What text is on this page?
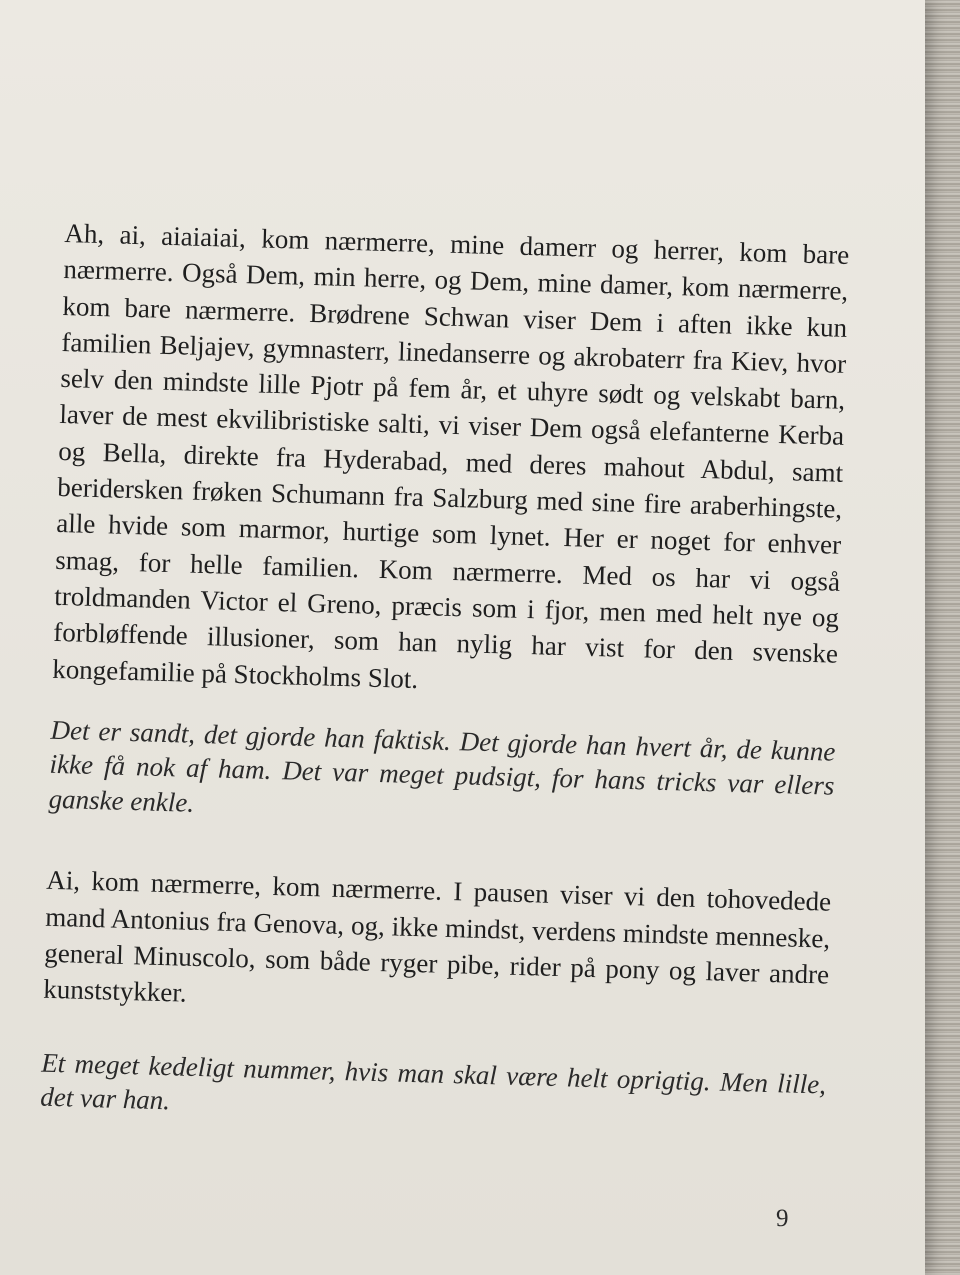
Ah, ai, aiaiaiai, kom nærmerre, mine damerr og herrer, kom bare nærmerre. Også Dem, min herre, og Dem, mine damer, kom nærmerre, kom bare nærmerre. Brødrene Schwan viser Dem i aften ikke kun familien Beljajev, gymnasterr, linedanserre og akrobaterr fra Kiev, hvor selv den mindste lille Pjotr på fem år, et uhyre sødt og velskabt barn, laver de mest ekvilibristiske salti, vi viser Dem også elefanterne Kerba og Bella, direkte fra Hyderabad, med deres mahout Abdul, samt beridersken frøken Schumann fra Salzburg med sine fire araberhingste, alle hvide som marmor, hurtige som lynet. Her er noget for enhver smag, for helle familien. Kom nærmerre. Med os har vi også troldmanden Victor el Greno, præcis som i fjor, men med helt nye og forbløffende illusioner, som han nylig har vist for den svenske kongefamilie på Stockholms Slot.

Det er sandt, det gjorde han faktisk. Det gjorde han hvert år, de kunne ikke få nok af ham. Det var meget pudsigt, for hans tricks var ellers ganske enkle.

Ai, kom nærmerre, kom nærmerre. I pausen viser vi den tohovedede mand Antonius fra Genova, og, ikke mindst, verdens mindste menneske, general Minuscolo, som både ryger pibe, rider på pony og laver andre kunststykker.

Et meget kedeligt nummer, hvis man skal være helt oprigtig. Men lille, det var han.

9
